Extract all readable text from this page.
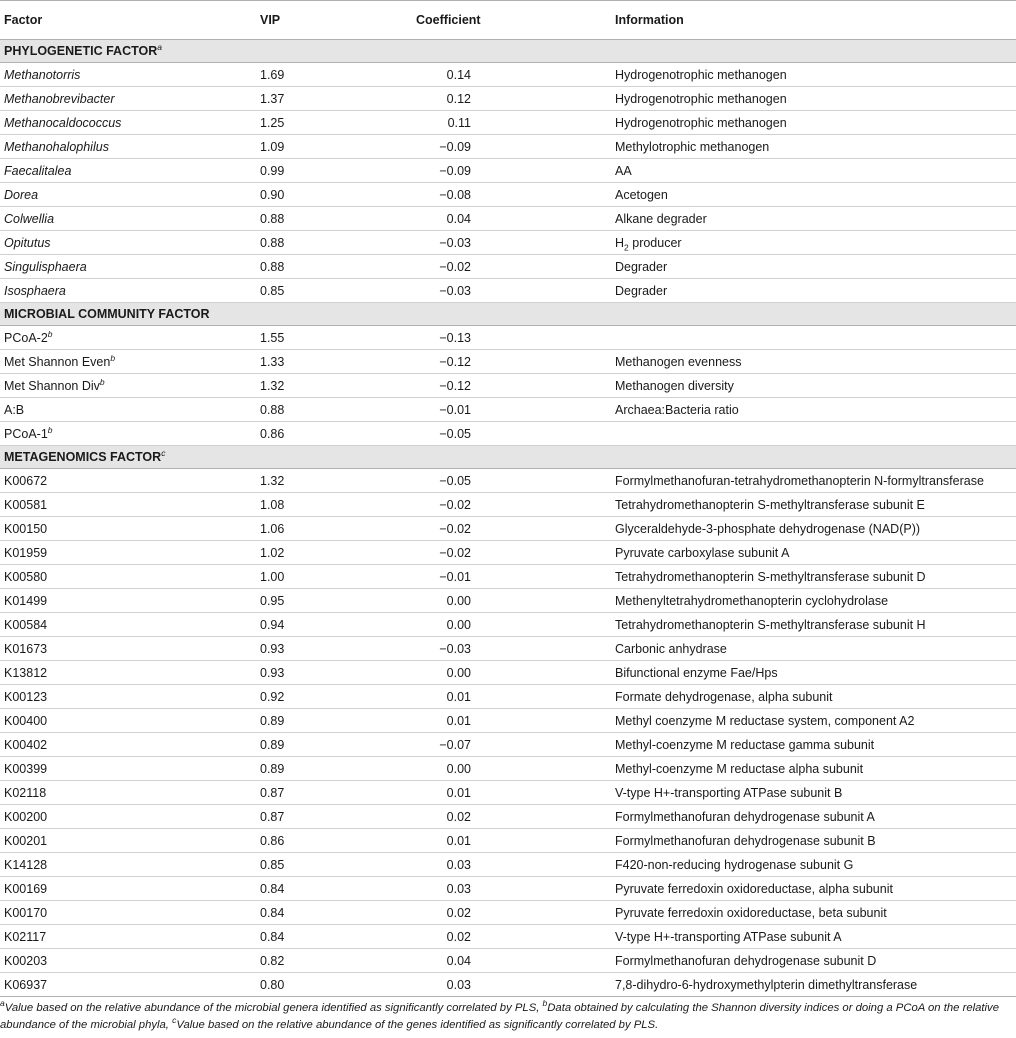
Factor	VIP	Coefficient	Information
PHYLOGENETIC FACTOR$^a$
Methanotorris	1.69	0.14	Hydrogenotrophic methanogen
Methanobrevibacter	1.37	0.12	Hydrogenotrophic methanogen
Methanocaldococcus	1.25	0.11	Hydrogenotrophic methanogen
Methanohalophilus	1.09	−0.09	Methylotrophic methanogen
Faecalitalea	0.99	−0.09	AA
Dorea	0.90	−0.08	Acetogen
Colwellia	0.88	0.04	Alkane degrader
Opitutus	0.88	−0.03	$H_2$ producer
Singulisphaera	0.88	−0.02	Degrader
Isosphaera	0.85	−0.03	Degrader
MICROBIAL COMMUNITY FACTOR			
PCoA-2$^b$	1.55	−0.13	
Met Shannon Even$^b$	1.33	−0.12	Methanogen evenness
Met Shannon Div$^b$	1.32	−0.12	Methanogen diversity
A:B	0.88	−0.01	Archaea:Bacteria ratio
PCoA-1$^b$	0.86	−0.05	
METAGENOMICS FACTOR$^c$
K00672	1.32	−0.05	Formylmethanofuran-tetrahydromethanopterin N-formyltransferase
K00581	1.08	−0.02	Tetrahydromethanopterin S-methyltransferase subunit E
K00150	1.06	−0.02	Glyceraldehyde-3-phosphate dehydrogenase (NAD(P))
K01959	1.02	−0.02	Pyruvate carboxylase subunit A
K00580	1.00	−0.01	Tetrahydromethanopterin S-methyltransferase subunit D
K01499	0.95	0.00	Methenyltetrahydromethanopterin cyclohydrolase
K00584	0.94	0.00	Tetrahydromethanopterin S-methyltransferase subunit H
K01673	0.93	−0.03	Carbonic anhydrase
K13812	0.93	0.00	Bifunctional enzyme Fae/Hps
K00123	0.92	0.01	Formate dehydrogenase, alpha subunit
K00400	0.89	0.01	Methyl coenzyme M reductase system, component A2
K00402	0.89	−0.07	Methyl-coenzyme M reductase gamma subunit
K00399	0.89	0.00	Methyl-coenzyme M reductase alpha subunit
K02118	0.87	0.01	V-type H+-transporting ATPase subunit B
K00200	0.87	0.02	Formylmethanofuran dehydrogenase subunit A
K00201	0.86	0.01	Formylmethanofuran dehydrogenase subunit B
K14128	0.85	0.03	F420-non-reducing hydrogenase subunit G
K00169	0.84	0.03	Pyruvate ferredoxin oxidoreductase, alpha subunit
K00170	0.84	0.02	Pyruvate ferredoxin oxidoreductase, beta subunit
K02117	0.84	0.02	V-type H+-transporting ATPase subunit A
K00203	0.82	0.04	Formylmethanofuran dehydrogenase subunit D
K06937	0.80	0.03	7,8-dihydro-6-hydroxymethylpterin dimethyltransferase
$^a$Value based on the relative abundance of the microbial genera identified as significantly correlated by PLS, $^b$Data obtained by calculating the Shannon diversity indices or doing a PCoA on the relative abundance of the microbial phyla, $^c$Value based on the relative abundance of the genes identified as significantly correlated by PLS.
